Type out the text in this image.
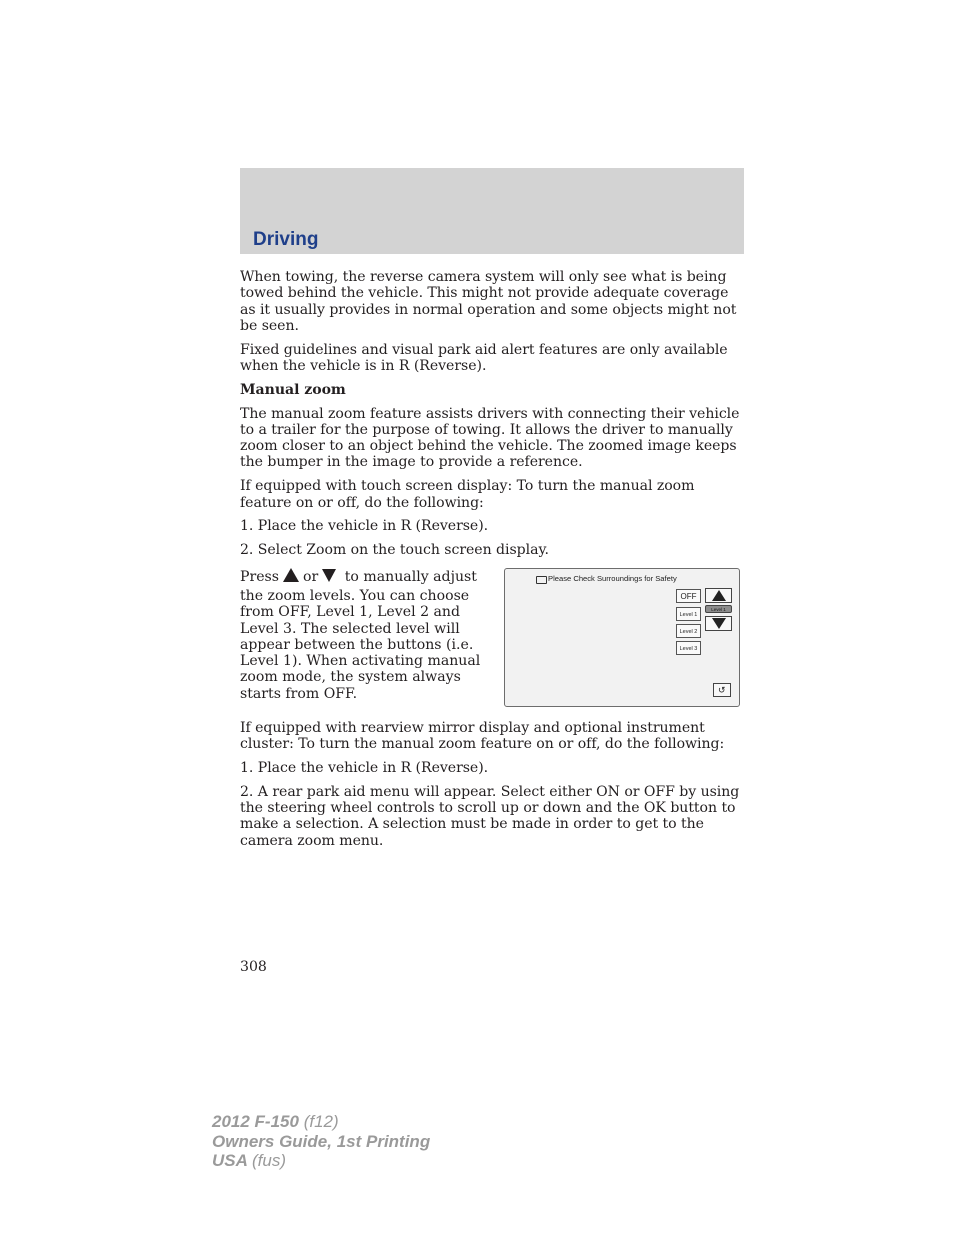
Driving

When towing, the reverse camera system will only see what is being towed behind the vehicle. This might not provide adequate coverage as it usually provides in normal operation and some objects might not be seen.

Fixed guidelines and visual park aid alert features are only available when the vehicle is in R (Reverse).

Manual zoom

The manual zoom feature assists drivers with connecting their vehicle to a trailer for the purpose of towing. It allows the driver to manually zoom closer to an object behind the vehicle. The zoomed image keeps the bumper in the image to provide a reference.

If equipped with touch screen display: To turn the manual zoom feature on or off, do the following:

1. Place the vehicle in R (Reverse).

2. Select Zoom on the touch screen display.

Press or to manually adjust
the zoom levels. You can choose from OFF, Level 1, Level 2 and Level 3. The selected level will appear between the buttons (i.e. Level 1). When activating manual zoom mode, the system always starts from OFF.
Please Check Surroundings for Safety
OFF
Level 1
Level 2
Level 3
Level 1
↺

If equipped with rearview mirror display and optional instrument cluster: To turn the manual zoom feature on or off, do the following:

1. Place the vehicle in R (Reverse).

2. A rear park aid menu will appear. Select either ON or OFF by using the steering wheel controls to scroll up or down and the OK button to make a selection. A selection must be made in order to get to the camera zoom menu.

308
2012 F-150 (f12)
Owners Guide, 1st Printing
USA (fus)
